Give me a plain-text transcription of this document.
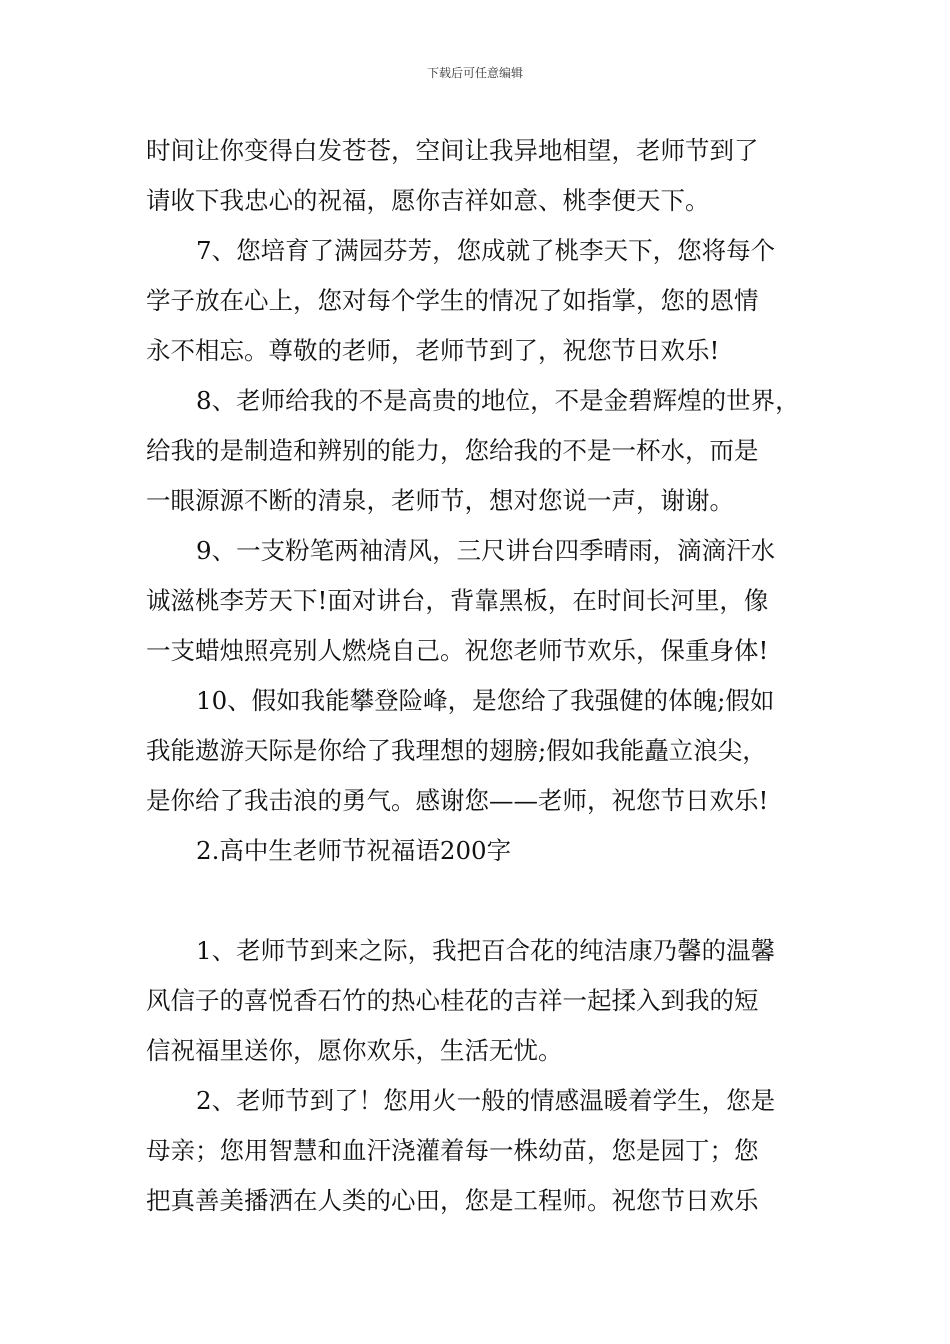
下载后可任意编辑
时间让你变得白发苍苍，空间让我异地相望，老师节到了
请收下我忠心的祝福，愿你吉祥如意、桃李便天下。
7、您培育了满园芬芳，您成就了桃李天下，您将每个
学子放在心上，您对每个学生的情况了如指掌，您的恩情
永不相忘。尊敬的老师，老师节到了，祝您节日欢乐!
8、老师给我的不是高贵的地位，不是金碧辉煌的世界，
给我的是制造和辨别的能力，您给我的不是一杯水，而是
一眼源源不断的清泉，老师节，想对您说一声，谢谢。
9、一支粉笔两袖清风，三尺讲台四季晴雨，滴滴汗水
诚滋桃李芳天下!面对讲台，背靠黑板，在时间长河里，像
一支蜡烛照亮别人燃烧自己。祝您老师节欢乐，保重身体!
10、假如我能攀登险峰，是您给了我强健的体魄;假如
我能遨游天际是你给了我理想的翅膀;假如我能矗立浪尖，
是你给了我击浪的勇气。感谢您——老师，祝您节日欢乐!
2.高中生老师节祝福语200字
1、老师节到来之际，我把百合花的纯洁康乃馨的温馨
风信子的喜悦香石竹的热心桂花的吉祥一起揉入到我的短
信祝福里送你，愿你欢乐，生活无忧。
2、老师节到了！您用火一般的情感温暖着学生，您是
母亲；您用智慧和血汗浇灌着每一株幼苗，您是园丁；您
把真善美播洒在人类的心田，您是工程师。祝您节日欢乐
